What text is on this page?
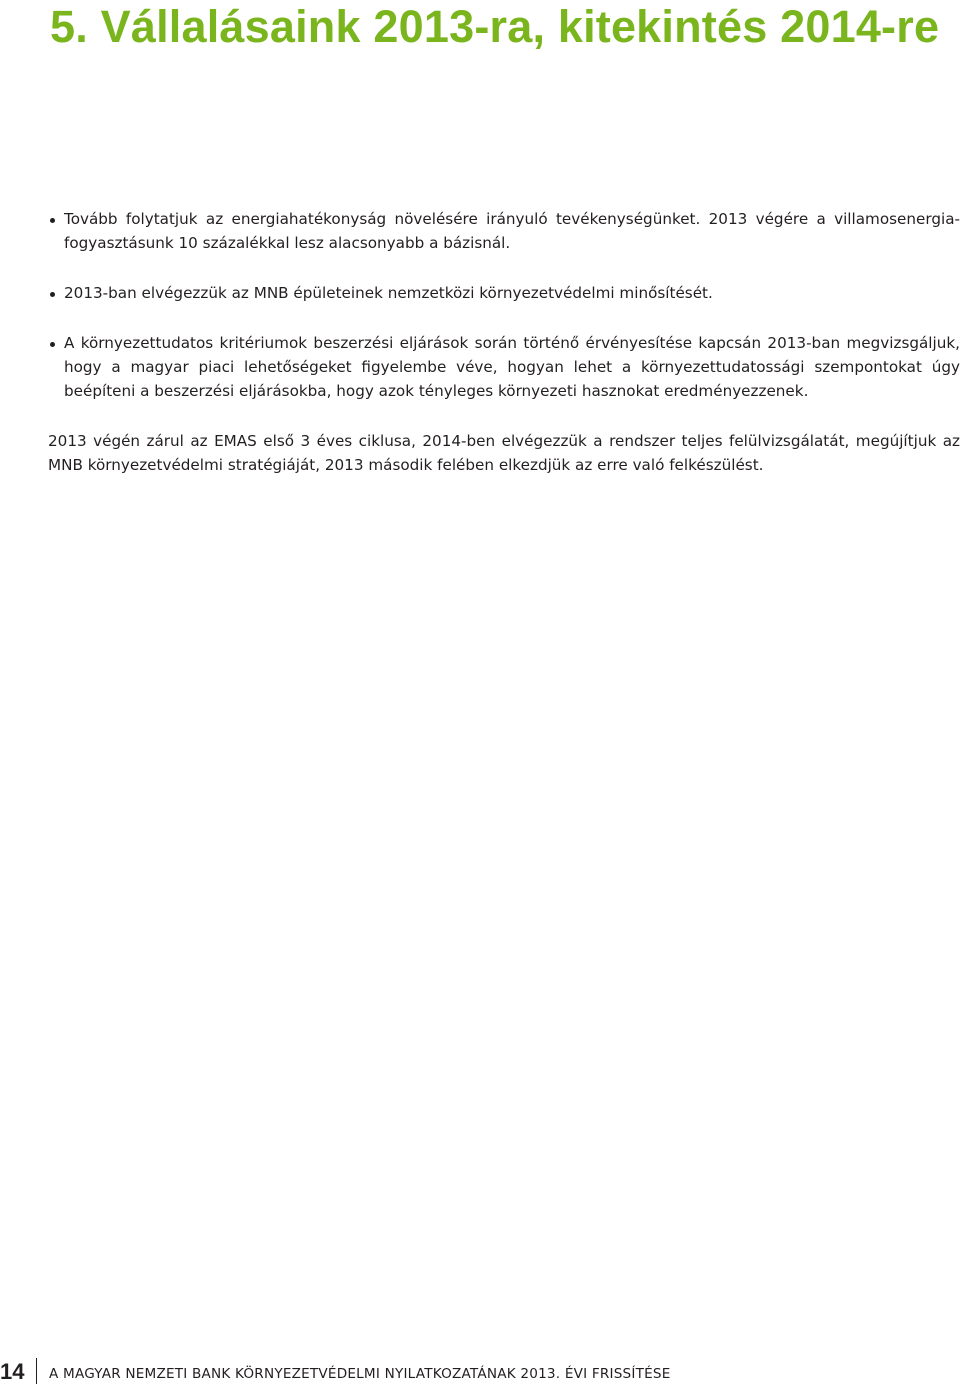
5. Vállalásaink 2013-ra, kitekintés 2014-re
Tovább folytatjuk az energiahatékonyság növelésére irányuló tevékenységünket. 2013 végére a villamosenergia-fogyasztásunk 10 százalékkal lesz alacsonyabb a bázisnál.
2013-ban elvégezzük az MNB épületeinek nemzetközi környezetvédelmi minősítését.
A környezettudatos kritériumok beszerzési eljárások során történő érvényesítése kapcsán 2013-ban megvizsgáljuk, hogy a magyar piaci lehetőségeket figyelembe véve, hogyan lehet a környezettudatossági szempontokat úgy beépíteni a beszerzési eljárásokba, hogy azok tényleges környezeti hasznokat eredményezzenek.

2013 végén zárul az EMAS első 3 éves ciklusa, 2014-ben elvégezzük a rendszer teljes felülvizsgálatát, megújítjuk az MNB környezetvédelmi stratégiáját, 2013 második felében elkezdjük az erre való felkészülést.

14	A MAGYAR NEMZETI BANK KÖRNYEZETVÉDELMI NYILATKOZATÁNAK 2013. ÉVI FRISSÍTÉSE
